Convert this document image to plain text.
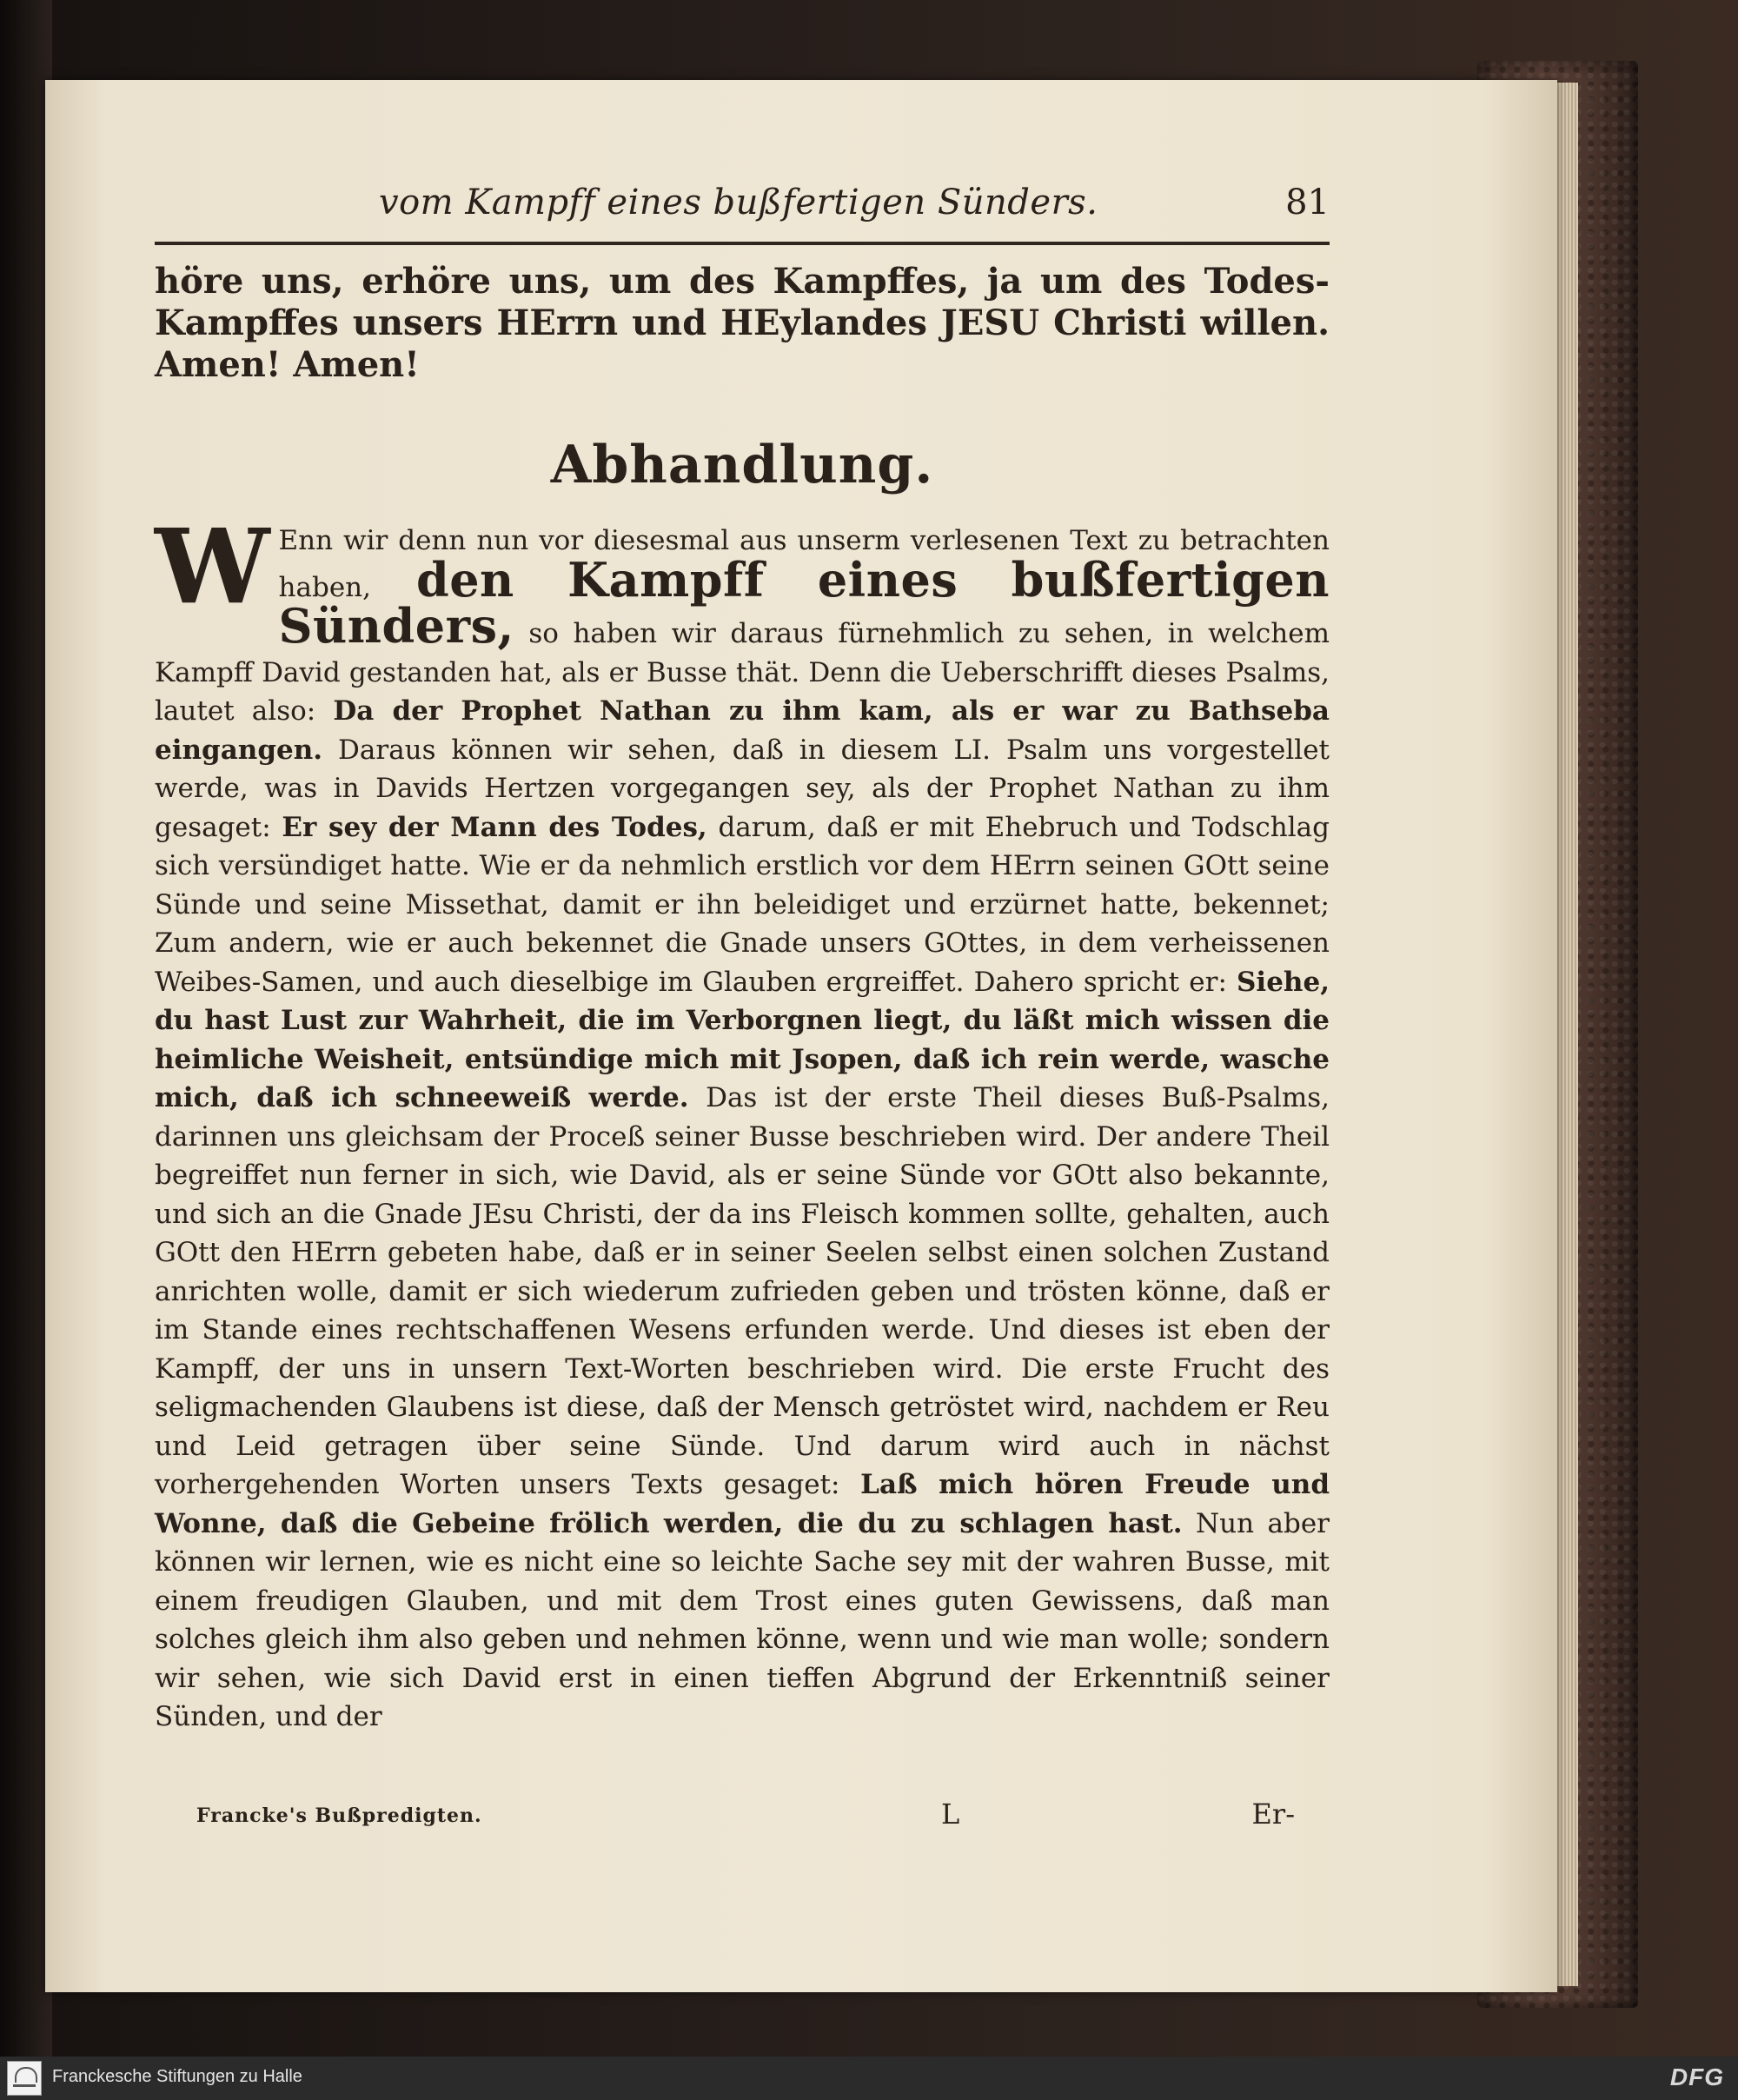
vom Kampff eines bußfertigen Sünders.	81
höre uns, erhöre uns, um des Kampffes, ja um des Todes-Kampffes unsers HErrn und HEylandes JESU Christi willen. Amen! Amen!
Abhandlung.
W Enn wir denn nun vor diesesmal aus unserm verlesenen Text zu betrachten haben, den Kampff eines bußfertigen Sünders, so haben wir daraus fürnehmlich zu sehen, in welchem Kampff David gestanden hat, als er Busse thät. Denn die Ueberschrifft dieses Psalms, lautet also: Da der Prophet Nathan zu ihm kam, als er war zu Bathseba eingangen. Daraus können wir sehen, daß in diesem LI. Psalm uns vorgestellet werde, was in Davids Hertzen vorgegangen sey, als der Prophet Nathan zu ihm gesaget: Er sey der Mann des Todes, darum, daß er mit Ehebruch und Todschlag sich versündiget hatte. Wie er da nehmlich erstlich vor dem HErrn seinen GOtt seine Sünde und seine Missethat, damit er ihn beleidiget und erzürnet hatte, bekennet; Zum andern, wie er auch bekennet die Gnade unsers GOttes, in dem verheissenen Weibes-Samen, und auch dieselbige im Glauben ergreiffet. Dahero spricht er: Siehe, du hast Lust zur Wahrheit, die im Verborgnen liegt, du läßt mich wissen die heimliche Weisheit, entsündige mich mit Jsopen, daß ich rein werde, wasche mich, daß ich schneeweiß werde. Das ist der erste Theil dieses Buß-Psalms, darinnen uns gleichsam der Proceß seiner Busse beschrieben wird. Der andere Theil begreiffet nun ferner in sich, wie David, als er seine Sünde vor GOtt also bekannte, und sich an die Gnade JEsu Christi, der da ins Fleisch kommen sollte, gehalten, auch GOtt den HErrn gebeten habe, daß er in seiner Seelen selbst einen solchen Zustand anrichten wolle, damit er sich wiederum zufrieden geben und trösten könne, daß er im Stande eines rechtschaffenen Wesens erfunden werde. Und dieses ist eben der Kampff, der uns in unsern Text-Worten beschrieben wird. Die erste Frucht des seligmachenden Glaubens ist diese, daß der Mensch getröstet wird, nachdem er Reu und Leid getragen über seine Sünde. Und darum wird auch in nächst vorhergehenden Worten unsers Texts gesaget: Laß mich hören Freude und Wonne, daß die Gebeine frölich werden, die du zu schlagen hast. Nun aber können wir lernen, wie es nicht eine so leichte Sache sey mit der wahren Busse, mit einem freudigen Glauben, und mit dem Trost eines guten Gewissens, daß man solches gleich ihm also geben und nehmen könne, wenn und wie man wolle; sondern wir sehen, wie sich David erst in einen tieffen Abgrund der Erkenntniß seiner Sünden, und der
Francke's Bußpredigten.	L	Er-
Franckesche Stiftungen zu Halle	DFG
